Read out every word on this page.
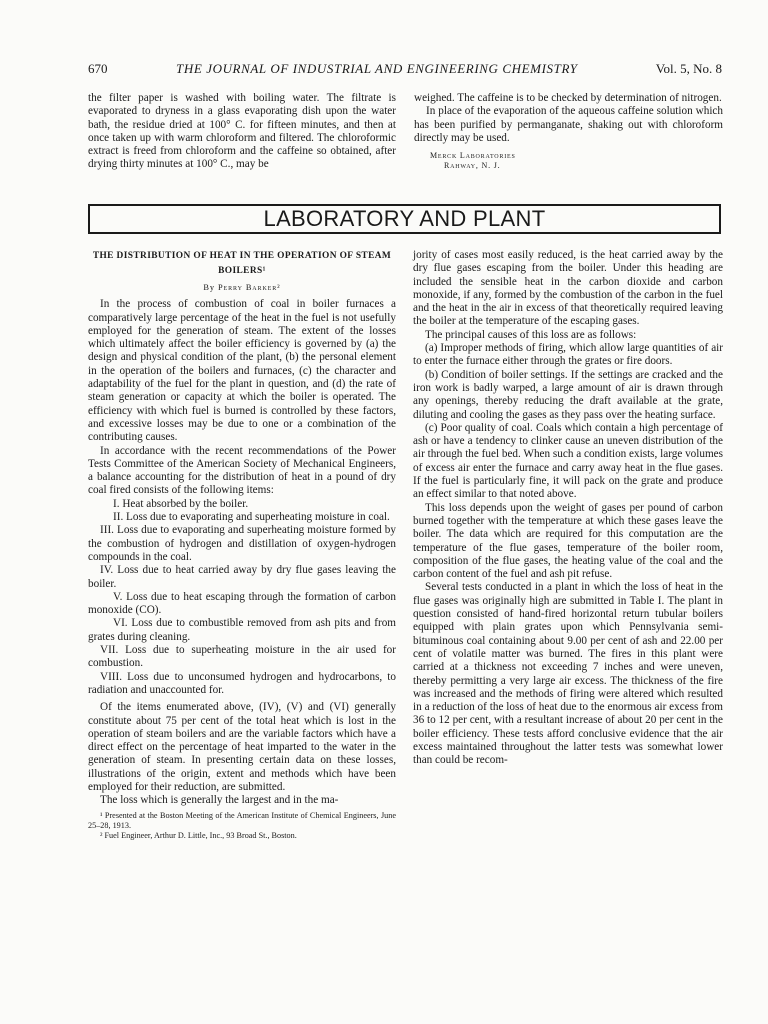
670	THE JOURNAL OF INDUSTRIAL AND ENGINEERING CHEMISTRY	Vol. 5, No. 8

the filter paper is washed with boiling water. The filtrate is evaporated to dryness in a glass evaporating dish upon the water bath, the residue dried at 100° C. for fifteen minutes, and then at once taken up with warm chloroform and filtered. The chloroformic extract is freed from chloroform and the caffeine so obtained, after drying thirty minutes at 100° C., may be

weighed. The caffeine is to be checked by determination of nitrogen.

In place of the evaporation of the aqueous caffeine solution which has been purified by permanganate, shaking out with chloroform directly may be used.

Merck Laboratories
Rahway, N. J.
LABORATORY AND PLANT
THE DISTRIBUTION OF HEAT IN THE OPERATION OF STEAM BOILERS¹
By Perry Barker²

In the process of combustion of coal in boiler furnaces a comparatively large percentage of the heat in the fuel is not usefully employed for the generation of steam. The extent of the losses which ultimately affect the boiler efficiency is governed by (a) the design and physical condition of the plant, (b) the personal element in the operation of the boilers and furnaces, (c) the character and adaptability of the fuel for the plant in question, and (d) the rate of steam generation or capacity at which the boiler is operated. The efficiency with which fuel is burned is controlled by these factors, and excessive losses may be due to one or a combination of the contributing causes.

In accordance with the recent recommendations of the Power Tests Committee of the American Society of Mechanical Engineers, a balance accounting for the distribution of heat in a pound of dry coal fired consists of the following items:

I. Heat absorbed by the boiler.

II. Loss due to evaporating and superheating moisture in coal.

III. Loss due to evaporating and superheating moisture formed by the combustion of hydrogen and distillation of oxygen-hydrogen compounds in the coal.

IV. Loss due to heat carried away by dry flue gases leaving the boiler.

V. Loss due to heat escaping through the formation of carbon monoxide (CO).

VI. Loss due to combustible removed from ash pits and from grates during cleaning.

VII. Loss due to superheating moisture in the air used for combustion.

VIII. Loss due to unconsumed hydrogen and hydrocarbons, to radiation and unaccounted for.

Of the items enumerated above, (IV), (V) and (VI) generally constitute about 75 per cent of the total heat which is lost in the operation of steam boilers and are the variable factors which have a direct effect on the percentage of heat imparted to the water in the generation of steam. In presenting certain data on these losses, illustrations of the origin, extent and methods which have been employed for their reduction, are submitted.

The loss which is generally the largest and in the ma-

¹ Presented at the Boston Meeting of the American Institute of Chemical Engineers, June 25–28, 1913.

² Fuel Engineer, Arthur D. Little, Inc., 93 Broad St., Boston.

jority of cases most easily reduced, is the heat carried away by the dry flue gases escaping from the boiler. Under this heading are included the sensible heat in the carbon dioxide and carbon monoxide, if any, formed by the combustion of the carbon in the fuel and the heat in the air in excess of that theoretically required leaving the boiler at the temperature of the escaping gases.

The principal causes of this loss are as follows:

(a) Improper methods of firing, which allow large quantities of air to enter the furnace either through the grates or fire doors.

(b) Condition of boiler settings. If the settings are cracked and the iron work is badly warped, a large amount of air is drawn through any openings, thereby reducing the draft available at the grate, diluting and cooling the gases as they pass over the heating surface.

(c) Poor quality of coal. Coals which contain a high percentage of ash or have a tendency to clinker cause an uneven distribution of the air through the fuel bed. When such a condition exists, large volumes of excess air enter the furnace and carry away heat in the flue gases. If the fuel is particularly fine, it will pack on the grate and produce an effect similar to that noted above.

This loss depends upon the weight of gases per pound of carbon burned together with the temperature at which these gases leave the boiler. The data which are required for this computation are the temperature of the flue gases, temperature of the boiler room, composition of the flue gases, the heating value of the coal and the carbon content of the fuel and ash pit refuse.

Several tests conducted in a plant in which the loss of heat in the flue gases was originally high are submitted in Table I. The plant in question consisted of hand-fired horizontal return tubular boilers equipped with plain grates upon which Pennsylvania semi-bituminous coal containing about 9.00 per cent of ash and 22.00 per cent of volatile matter was burned. The fires in this plant were carried at a thickness not exceeding 7 inches and were uneven, thereby permitting a very large air excess. The thickness of the fire was increased and the methods of firing were altered which resulted in a reduction of the loss of heat due to the enormous air excess from 36 to 12 per cent, with a resultant increase of about 20 per cent in the boiler efficiency. These tests afford conclusive evidence that the air excess maintained throughout the latter tests was somewhat lower than could be recom-
